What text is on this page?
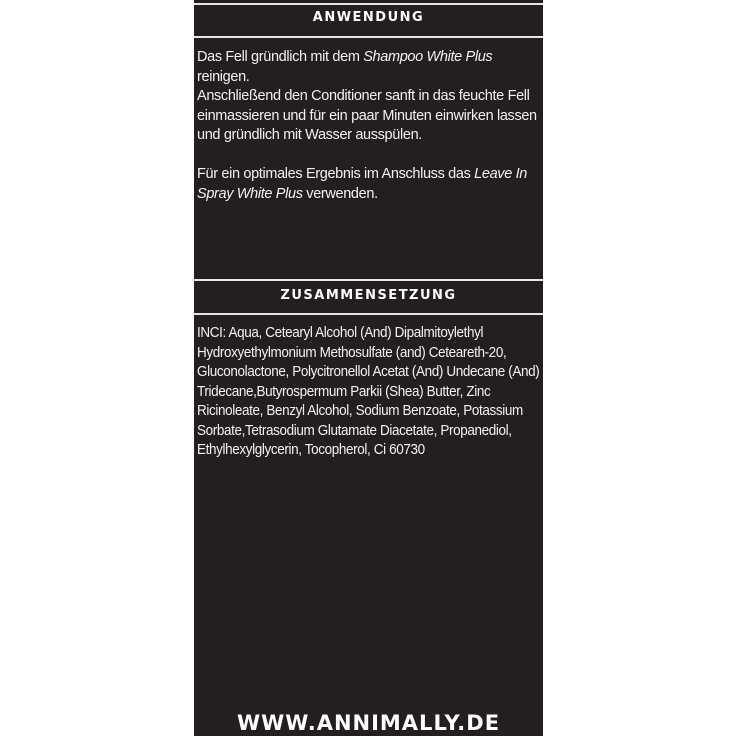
ANWENDUNG

Das Fell gründlich mit dem Shampoo White Plus reinigen.

Anschließend den Conditioner sanft in das feuchte Fell einmassieren und für ein paar Minuten einwirken lassen und gründlich mit Wasser ausspülen.

Für ein optimales Ergebnis im Anschluss das Leave In Spray White Plus verwenden.

ZUSAMMENSETZUNG
INCI: Aqua, Cetearyl Alcohol (And) Dipalmitoylethyl Hydroxyethylmonium Methosulfate (and) Ceteareth-20, Gluconolactone, Polycitronellol Acetat (And) Undecane (And) Tridecane,Butyrospermum Parkii (Shea) Butter, Zinc Ricinoleate, Benzyl Alcohol, Sodium Benzoate, Potassium Sorbate,Tetrasodium Glutamate Diacetate, Propanediol, Ethylhexylglycerin, Tocopherol, Ci 60730
WWW.ANNIMALLY.DE
